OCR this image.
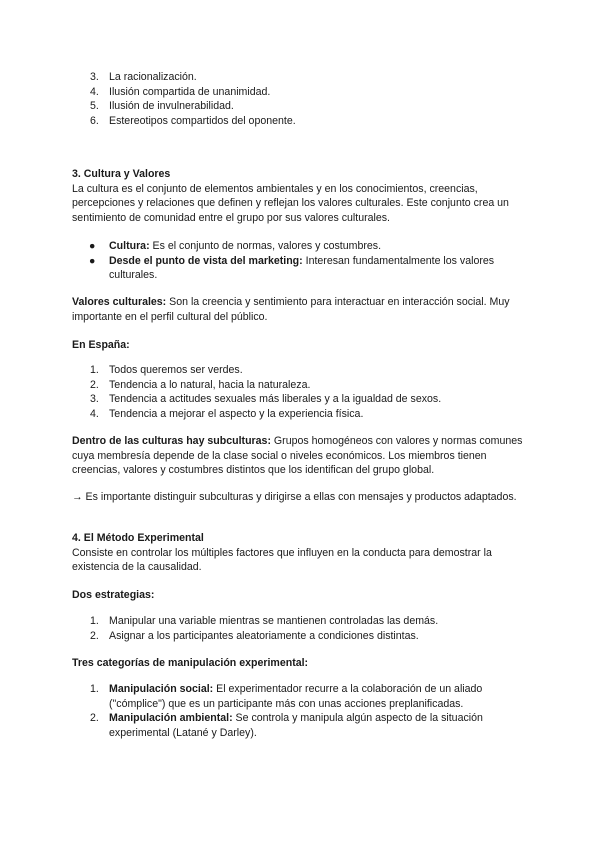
3. La racionalización.
4. Ilusión compartida de unanimidad.
5. Ilusión de invulnerabilidad.
6. Estereotipos compartidos del oponente.

3. Cultura y Valores

La cultura es el conjunto de elementos ambientales y en los conocimientos, creencias, percepciones y relaciones que definen y reflejan los valores culturales. Este conjunto crea un sentimiento de comunidad entre el grupo por sus valores culturales.

● Cultura: Es el conjunto de normas, valores y costumbres.
● Desde el punto de vista del marketing: Interesan fundamentalmente los valores culturales.

Valores culturales: Son la creencia y sentimiento para interactuar en interacción social. Muy importante en el perfil cultural del público.

En España:

1. Todos queremos ser verdes.
2. Tendencia a lo natural, hacia la naturaleza.
3. Tendencia a actitudes sexuales más liberales y a la igualdad de sexos.
4. Tendencia a mejorar el aspecto y la experiencia física.

Dentro de las culturas hay subculturas: Grupos homogéneos con valores y normas comunes cuya membresía depende de la clase social o niveles económicos. Los miembros tienen creencias, valores y costumbres distintos que los identifican del grupo global.

→ Es importante distinguir subculturas y dirigirse a ellas con mensajes y productos adaptados.

4. El Método Experimental

Consiste en controlar los múltiples factores que influyen en la conducta para demostrar la existencia de la causalidad.

Dos estrategias:

1. Manipular una variable mientras se mantienen controladas las demás.
2. Asignar a los participantes aleatoriamente a condiciones distintas.

Tres categorías de manipulación experimental:

1. Manipulación social: El experimentador recurre a la colaboración de un aliado ("cómplice") que es un participante más con unas acciones preplanificadas.
2. Manipulación ambiental: Se controla y manipula algún aspecto de la situación experimental (Latané y Darley).
